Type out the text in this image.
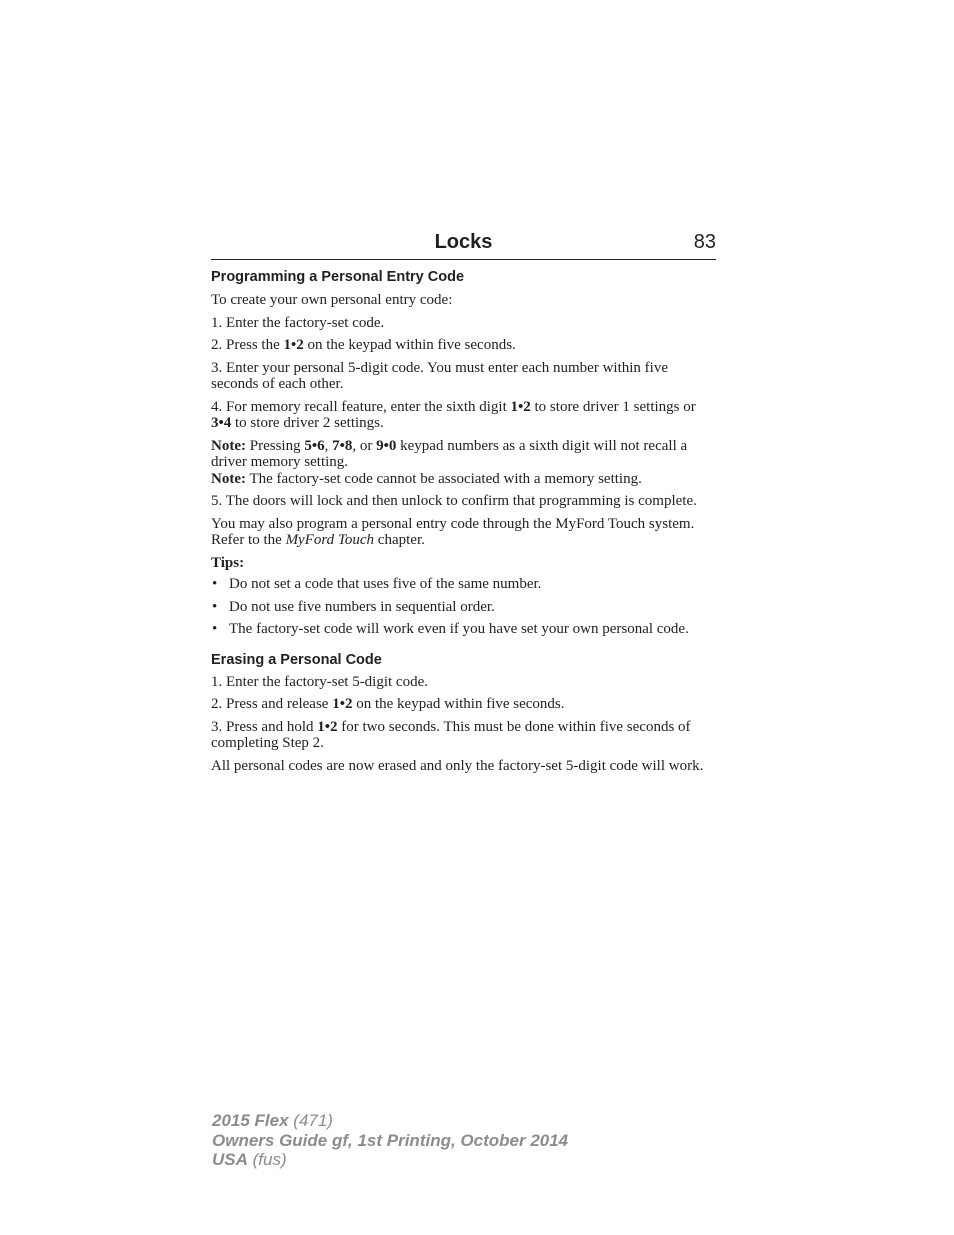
Locks	83
Programming a Personal Entry Code

To create your own personal entry code:

1. Enter the factory-set code.

2. Press the 1•2 on the keypad within five seconds.

3. Enter your personal 5-digit code. You must enter each number within five seconds of each other.

4. For memory recall feature, enter the sixth digit 1•2 to store driver 1 settings or 3•4 to store driver 2 settings.

Note: Pressing 5•6, 7•8, or 9•0 keypad numbers as a sixth digit will not recall a driver memory setting.

Note: The factory-set code cannot be associated with a memory setting.

5. The doors will lock and then unlock to confirm that programming is complete.

You may also program a personal entry code through the MyFord Touch system. Refer to the MyFord Touch chapter.

Tips:

• Do not set a code that uses five of the same number.
• Do not use five numbers in sequential order.
• The factory-set code will work even if you have set your own personal code.
Erasing a Personal Code

1. Enter the factory-set 5-digit code.

2. Press and release 1•2 on the keypad within five seconds.

3. Press and hold 1•2 for two seconds. This must be done within five seconds of completing Step 2.

All personal codes are now erased and only the factory-set 5-digit code will work.

2015 Flex (471)
Owners Guide gf, 1st Printing, October 2014
USA (fus)
